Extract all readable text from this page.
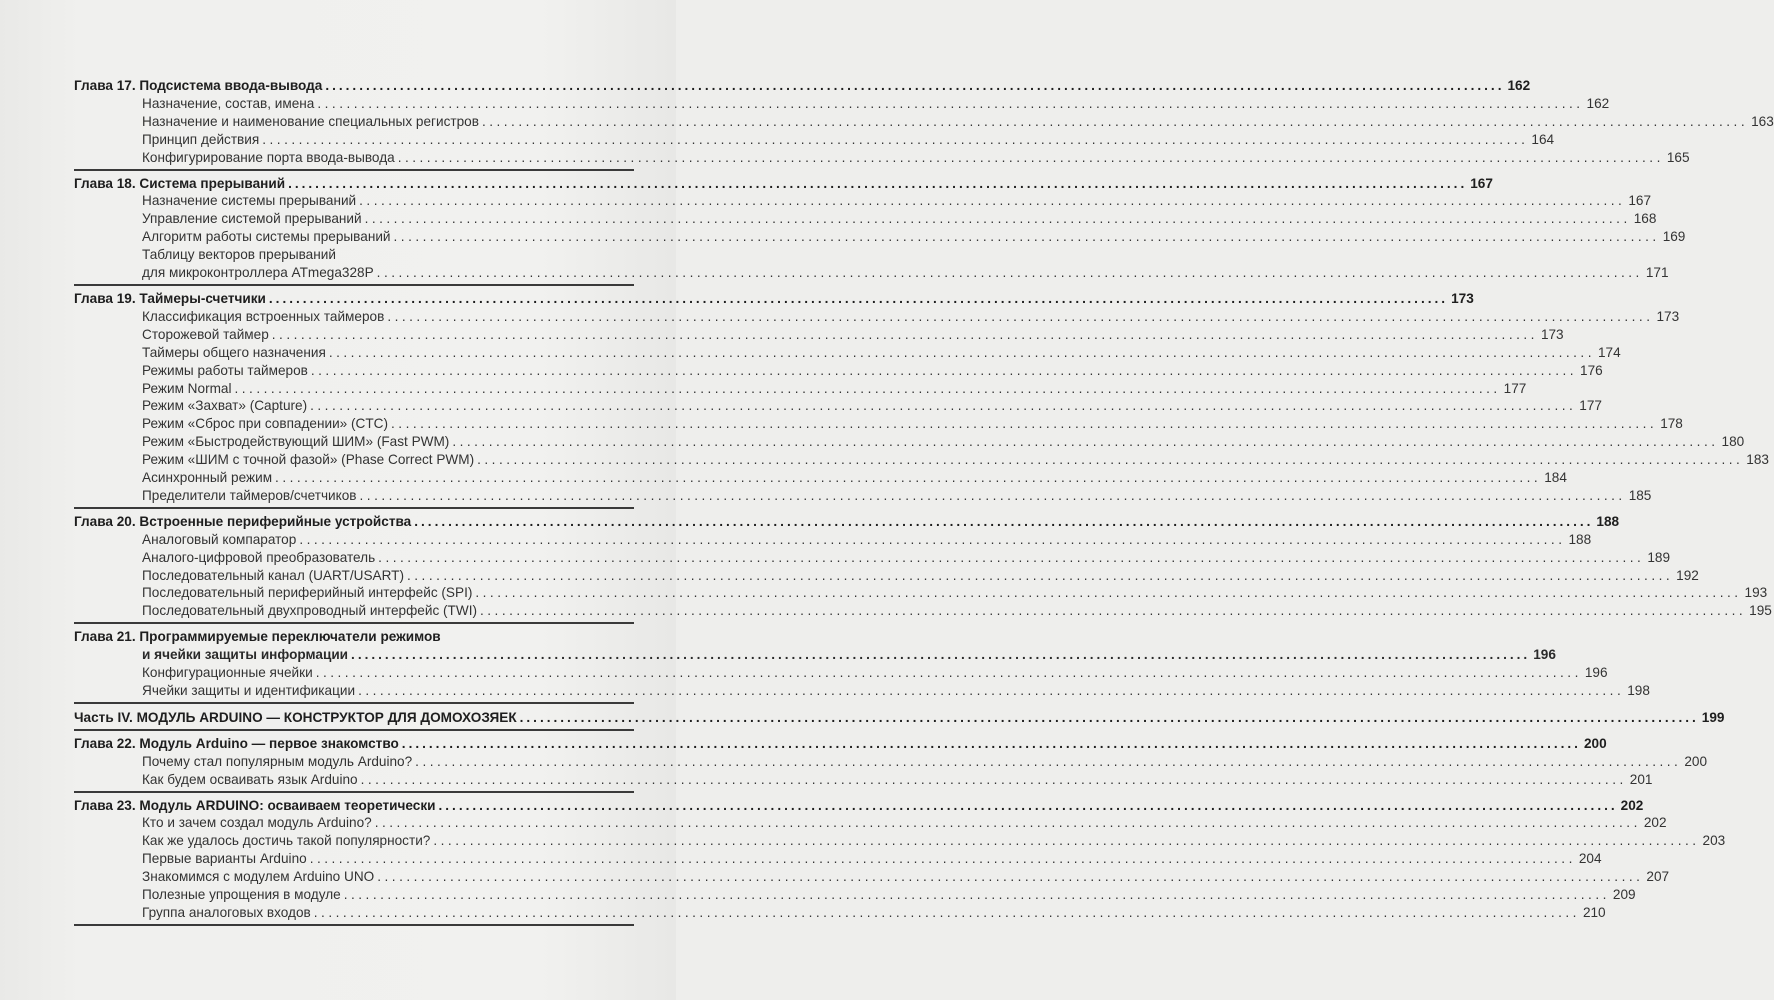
Глава 17. Подсистема ввода-вывода .....	162
Назначение, состав, имена .....	162
Назначение и наименование специальных регистров .....	163
Принцип действия .....	164
Конфигурирование порта ввода-вывода .....	165
Глава 18. Система прерываний .....	167
Назначение системы прерываний .....	167
Управление системой прерываний .....	168
Алгоритм работы системы прерываний .....	169
Таблицу векторов прерываний
для микроконтроллера ATmega328P .....	171
Глава 19. Таймеры-счетчики .....	173
Классификация встроенных таймеров .....	173
Сторожевой таймер .....	173
Таймеры общего назначения .....	174
Режимы работы таймеров .....	176
Режим Normal .....	177
Режим «Захват» (Capture) .....	177
Режим «Сброс при совпадении» (CTC) .....	178
Режим «Быстродействующий ШИМ» (Fast PWM) .....	180
Режим «ШИМ с точной фазой» (Phase Correct PWM) .....	183
Асинхронный режим .....	184
Пределители таймеров/счетчиков .....	185
Глава 20. Встроенные периферийные устройства .....	188
Аналоговый компаратор .....	188
Аналого-цифровой преобразователь .....	189
Последовательный канал (UART/USART) .....	192
Последовательный периферийный интерфейс (SPI) .....	193
Последовательный двухпроводный интерфейс (TWI) .....	195
Глава 21. Программируемые переключатели режимов
и ячейки защиты информации .....	196
Конфигурационные ячейки .....	196
Ячейки защиты и идентификации .....	198
Часть IV. МОДУЛЬ ARDUINO — КОНСТРУКТОР ДЛЯ ДОМОХОЗЯЕК .....	199
Глава 22. Модуль Arduino — первое знакомство .....	200
Почему стал популярным модуль Arduino? .....	200
Как будем осваивать язык Arduino .....	201
Глава 23. Модуль ARDUINO: осваиваем теоретически .....	202
Кто и зачем создал модуль Arduino? .....	202
Как же удалось достичь такой популярности? .....	203
Первые варианты Arduino .....	204
Знакомимся с модулем Arduino UNO .....	207
Полезные упрощения в модуле .....	209
Группа аналоговых входов .....	210
